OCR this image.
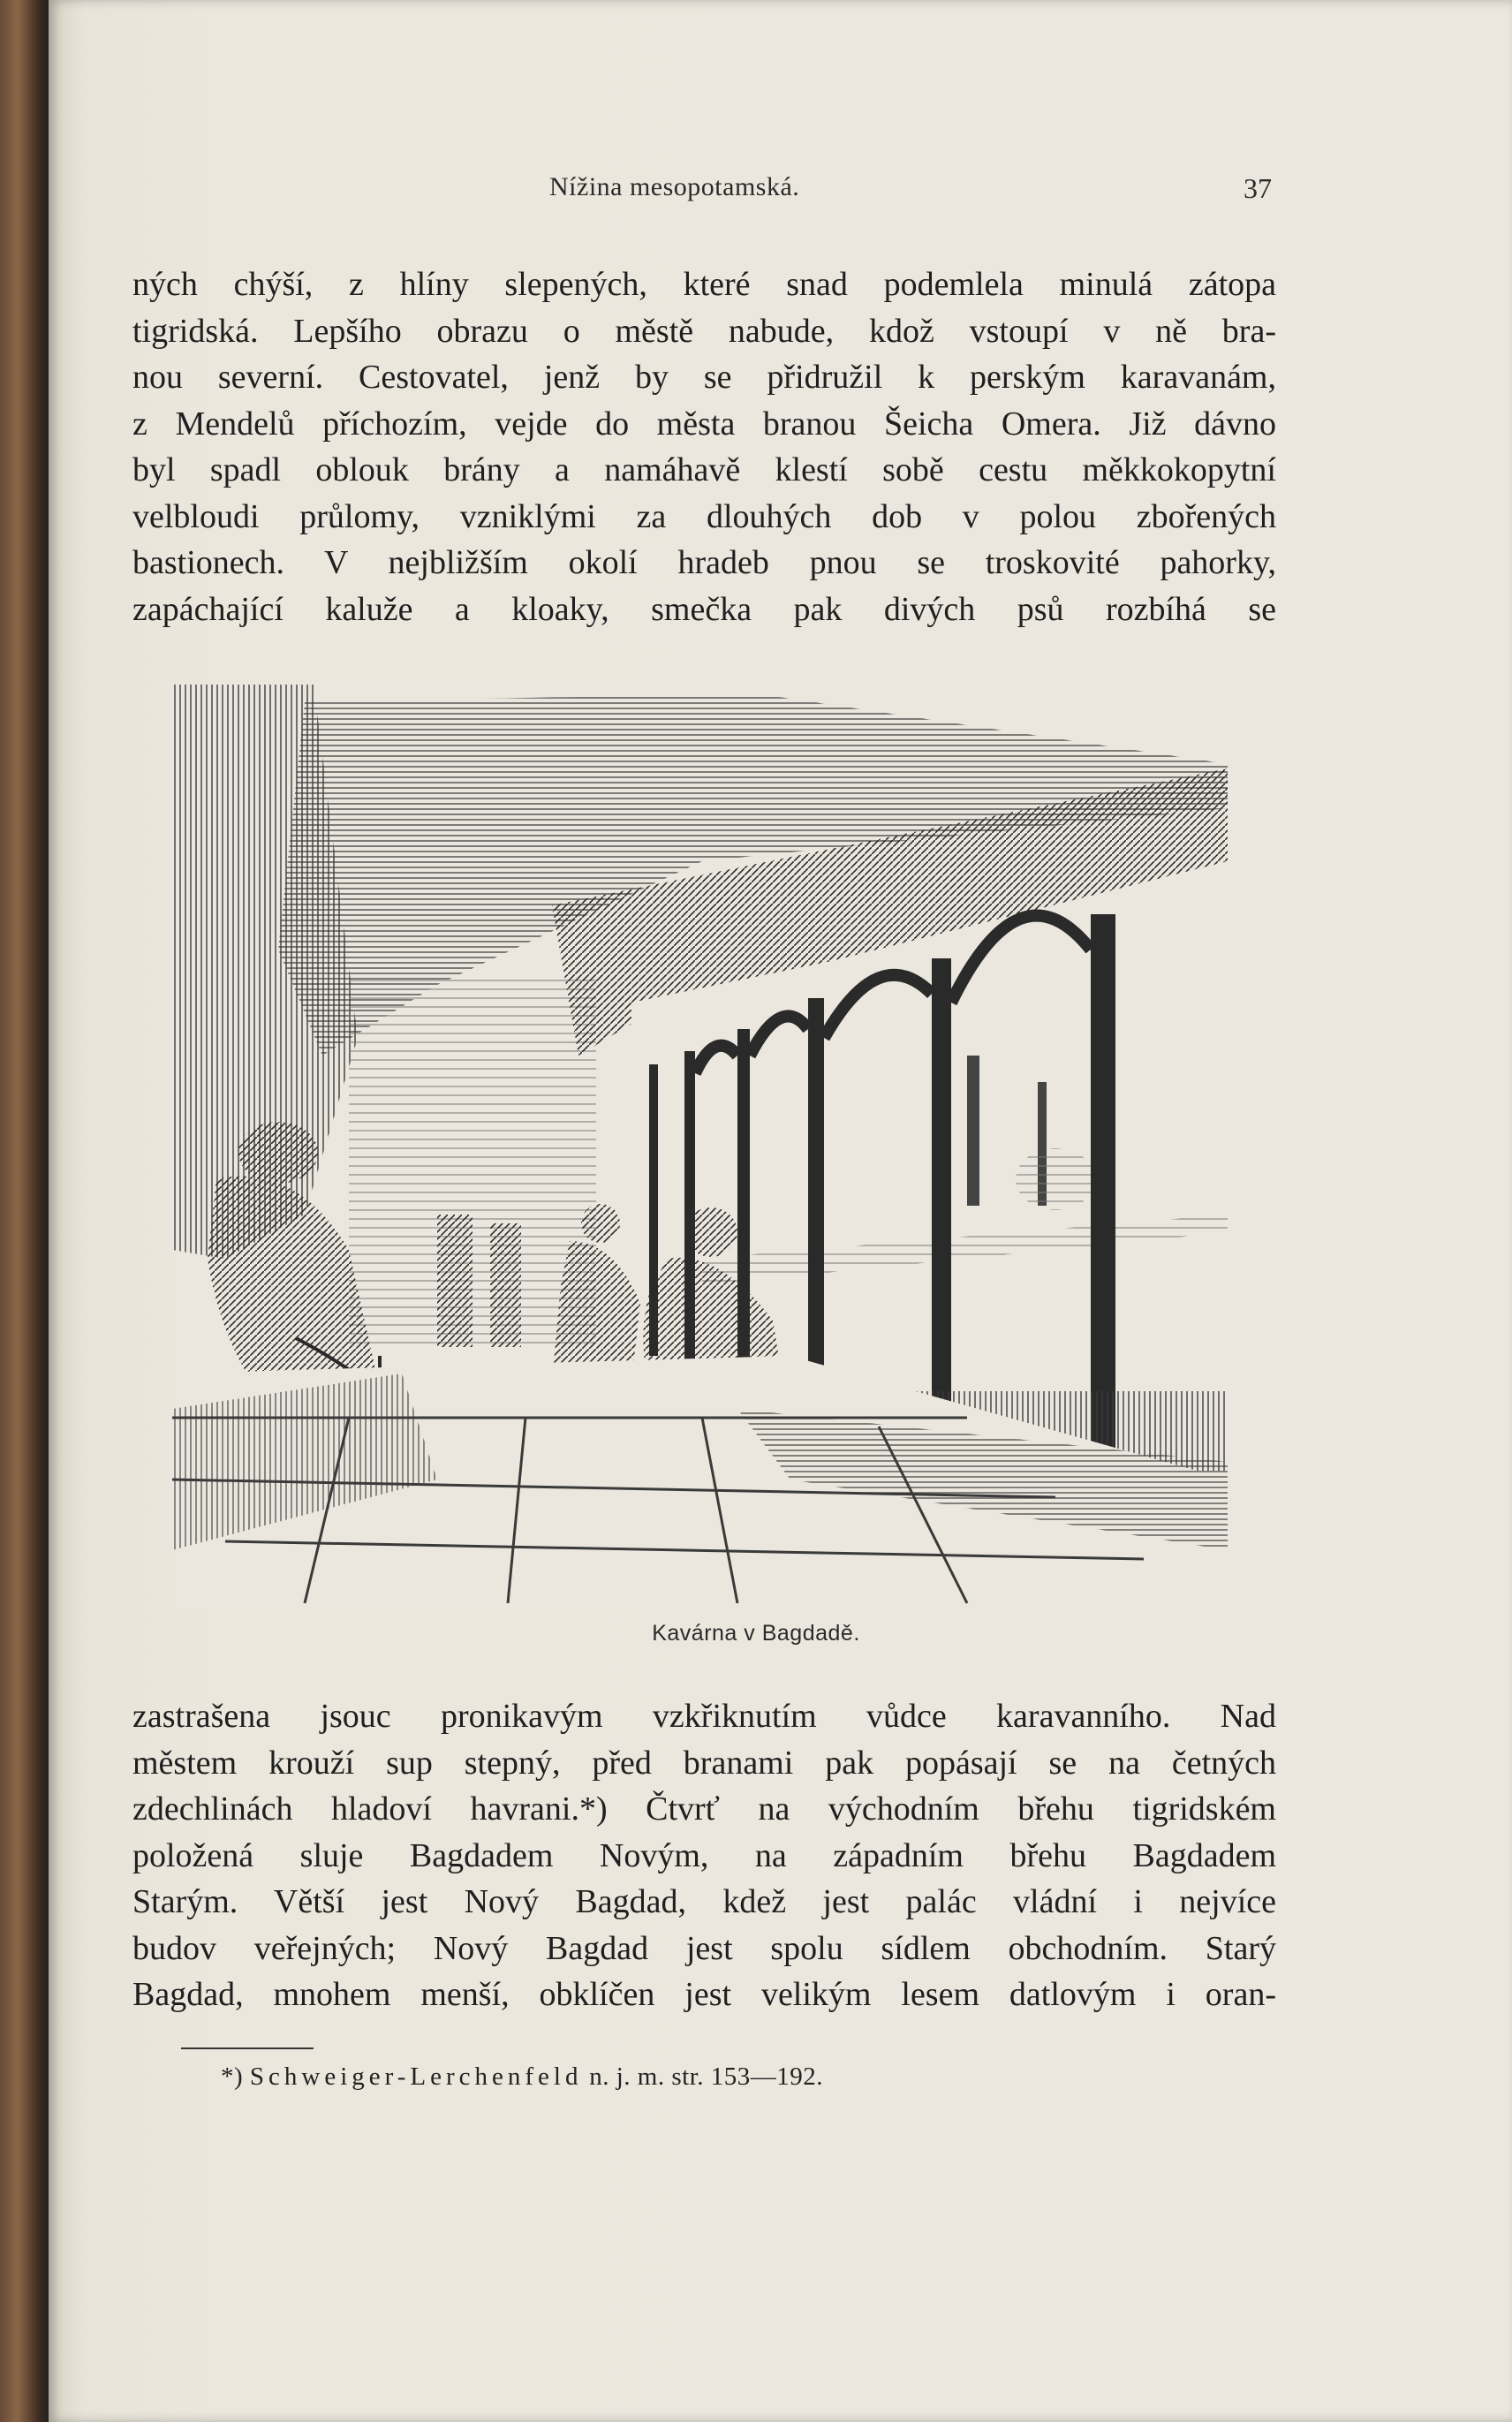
Nížina mesopotamská.	37
ných chýší, z hlíny slepených, které snad podemlela minulá zátopa
tigridská. Lepšího obrazu o městě nabude, kdož vstoupí v ně bra-
nou severní. Cestovatel, jenž by se přidružil k perským karavanám,
z Mendelů příchozím, vejde do města branou Šeicha Omera. Již dávno
byl spadl oblouk brány a namáhavě klestí sobě cestu měkkokopytní
velbloudi průlomy, vzniklými za dlouhých dob v polou zbořených
bastionech. V nejbližším okolí hradeb pnou se troskovité pahorky,
zapáchající kaluže a kloaky, smečka pak divých psů rozbíhá se
Kavárna v Bagdadě.
zastrašena jsouc pronikavým vzkřiknutím vůdce karavanního. Nad
městem krouží sup stepný, před branami pak popásají se na četných
zdechlinách hladoví havrani.*) Čtvrť na východním břehu tigridském
položená sluje Bagdadem Novým, na západním břehu Bagdadem
Starým. Větší jest Nový Bagdad, kdež jest palác vládní i nejvíce
budov veřejných; Nový Bagdad jest spolu sídlem obchodním. Starý
Bagdad, mnohem menší, obklíčen jest velikým lesem datlovým i oran-
*) Schweiger-Lerchenfeld n. j. m. str. 153—192.
